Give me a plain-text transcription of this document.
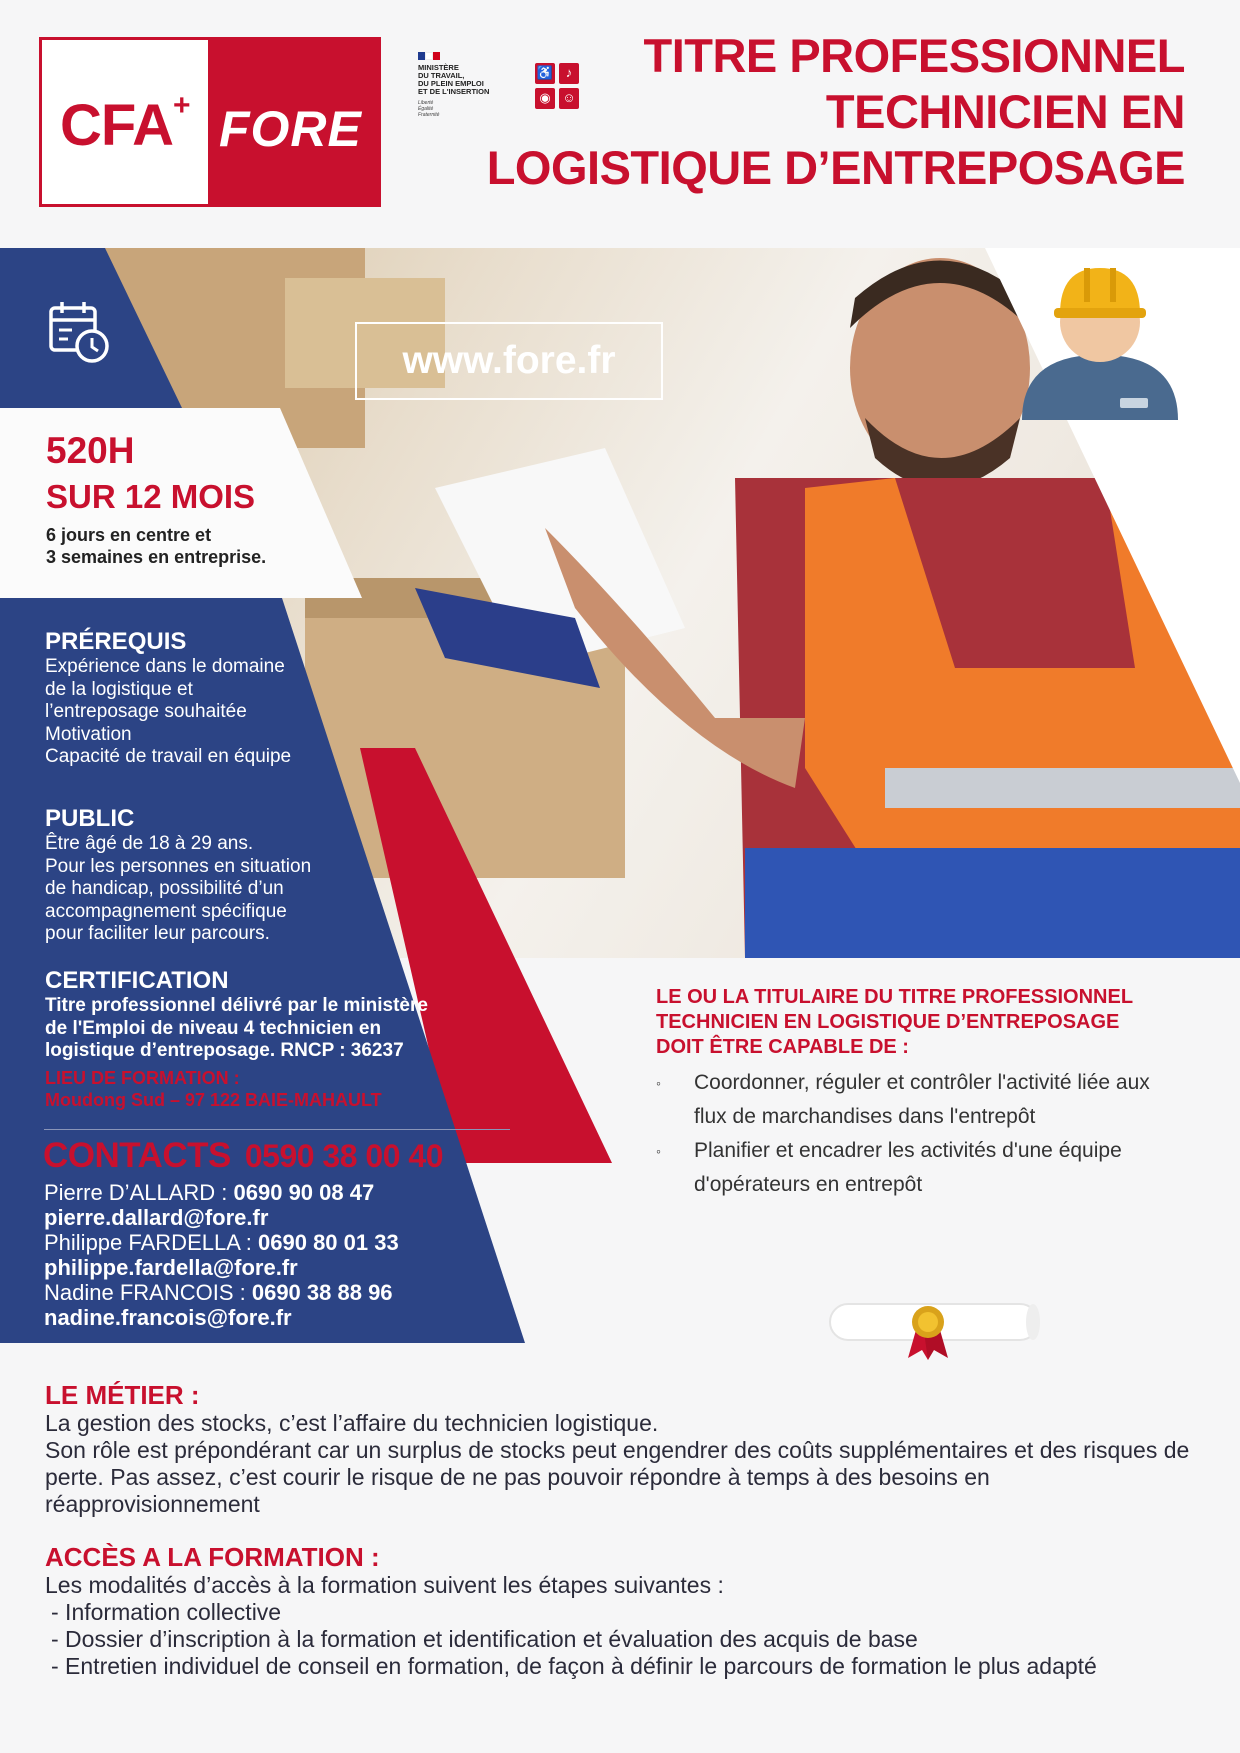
CFA+ FORE
MINISTÈRE
DU TRAVAIL,
DU PLEIN EMPLOI
ET DE L'INSERTION
Liberté
Égalité
Fraternité
♿ ♪
◉ ☺
TITRE PROFESSIONNEL
TECHNICIEN EN
LOGISTIQUE D’ENTREPOSAGE
www.fore.fr
520H
SUR 12 MOIS
6 jours en centre et
3 semaines en entreprise.
PRÉREQUIS
Expérience dans le domaine
de la logistique et
l’entreposage souhaitée
Motivation
Capacité de travail en équipe
PUBLIC
Être âgé de 18 à 29 ans.
Pour les personnes en situation
de handicap, possibilité d’un
accompagnement spécifique
pour faciliter leur parcours.
CERTIFICATION
Titre professionnel délivré par le ministère
de l'Emploi de niveau 4 technicien en
logistique d’entreposage. RNCP : 36237
LIEU DE FORMATION :
Moudong Sud – 97 122 BAIE-MAHAULT
CONTACTS 0590 38 00 40
Pierre D’ALLARD : 0690 90 08 47
pierre.dallard@fore.fr
Philippe FARDELLA : 0690 80 01 33
philippe.fardella@fore.fr
Nadine FRANCOIS : 0690 38 88 96
nadine.francois@fore.fr
LE OU LA TITULAIRE DU TITRE PROFESSIONNEL
TECHNICIEN EN LOGISTIQUE D’ENTREPOSAGE
DOIT ÊTRE CAPABLE DE :
◦ Coordonner, réguler et contrôler l'activité liée aux flux de marchandises dans l'entrepôt
◦ Planifier et encadrer les activités d'une équipe d'opérateurs en entrepôt
LE MÉTIER :
La gestion des stocks, c’est l’affaire du technicien logistique.
Son rôle est prépondérant car un surplus de stocks peut engendrer des coûts supplémentaires et des risques de perte. Pas assez, c’est courir le risque de ne pas pouvoir répondre à temps à des besoins en réapprovisionnement
ACCÈS A LA FORMATION :
Les modalités d’accès à la formation suivent les étapes suivantes :
- Information collective
- Dossier d’inscription à la formation et identification et évaluation des acquis de base
- Entretien individuel de conseil en formation, de façon à définir le parcours de formation le plus adapté
